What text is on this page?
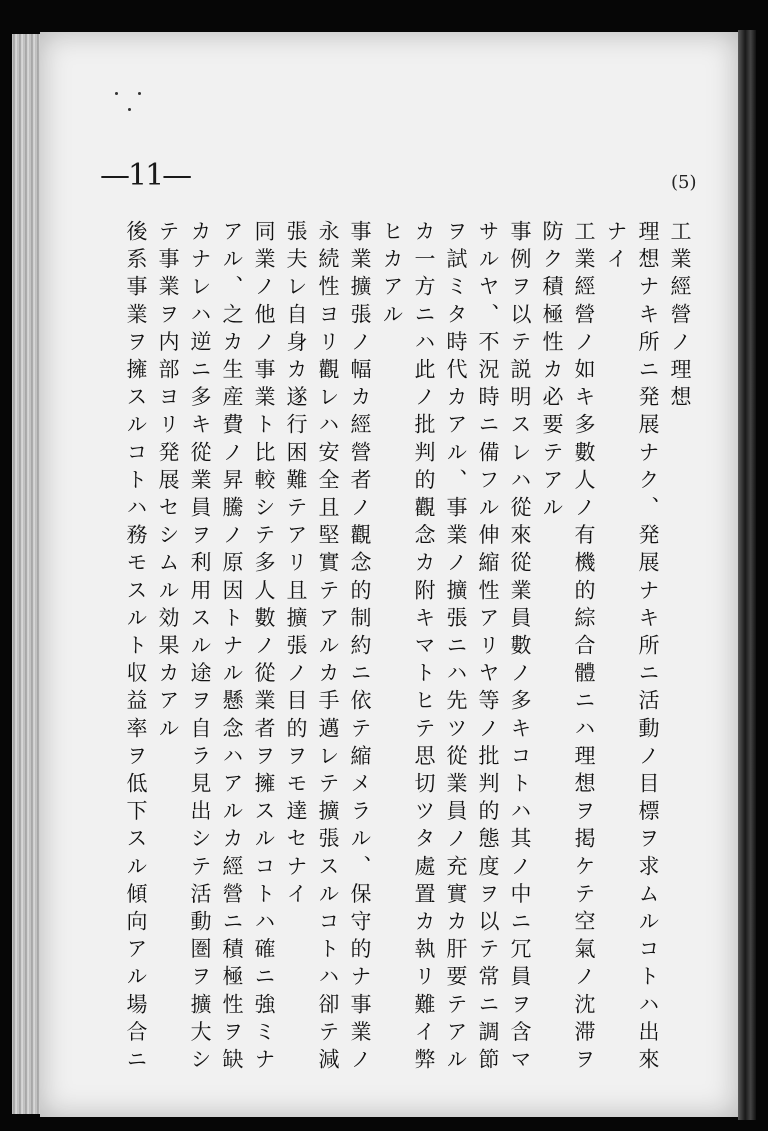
—11—	(5)
工業經營ノ理想
理想ナキ所ニ発展ナク、発展ナキ所ニ活動ノ目標ヲ求ムルコトハ出來
ナイ
工業經營ノ如キ多數人ノ有機的綜合體ニハ理想ヲ掲ケテ空氣ノ沈滞ヲ
防ク積極性カ必要テアル
事例ヲ以テ説明スレハ從來從業員數ノ多キコトハ其ノ中ニ冗員ヲ含マ
サルヤ、不況時ニ備フル伸縮性アリヤ等ノ批判的態度ヲ以テ常ニ調節
ヲ試ミタ時代カアル、事業ノ擴張ニハ先ツ從業員ノ充實カ肝要テアル
カ一方ニハ此ノ批判的觀念カ附キマトヒテ思切ツタ處置カ執リ難イ弊
ヒカアル
事業擴張ノ幅カ經營者ノ觀念的制約ニ依テ縮メラル、保守的ナ事業ノ
永続性ヨリ觀レハ安全且堅實テアルカ手邁レテ擴張スルコトハ卻テ減
張夫レ自身カ遂行困難テアリ且擴張ノ目的ヲモ達セナイ
同業ノ他ノ事業ト比較シテ多人數ノ從業者ヲ擁スルコトハ確ニ強ミナ
アル、之カ生産費ノ昇騰ノ原因トナル懸念ハアルカ經營ニ積極性ヲ缺
カナレハ逆ニ多キ從業員ヲ利用スル途ヲ自ラ見出シテ活動圏ヲ擴大シ
テ事業ヲ内部ヨリ発展セシムル効果カアル
後系事業ヲ擁スルコトハ務モスルト収益率ヲ低下スル傾向アル場合ニ
